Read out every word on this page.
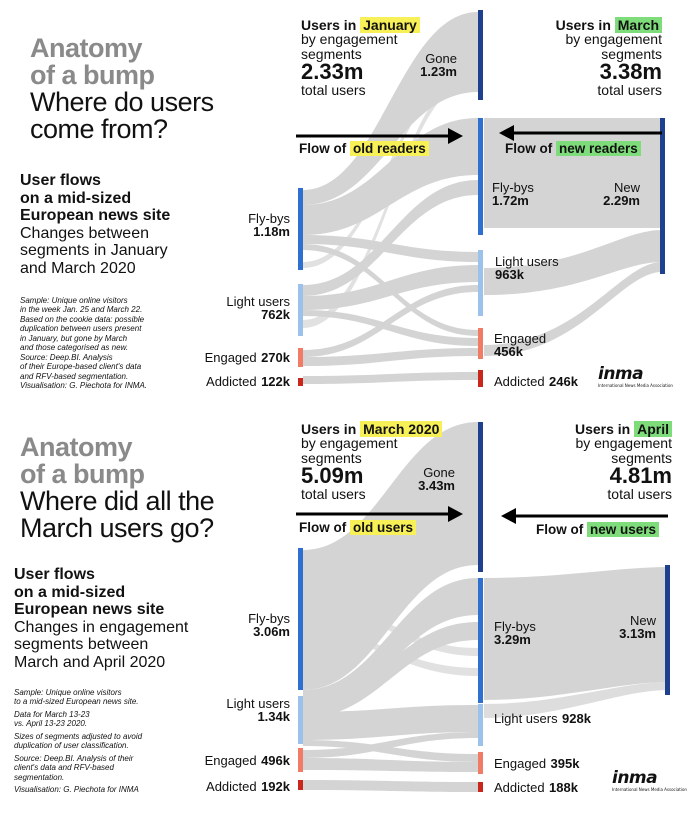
Anatomy
of a bump
Where do users
come from?
User flows
on a mid-sized
European news site
Changes between
segments in January
and March 2020
Sample: Unique online visitors
in the week Jan. 25 and March 22.
Based on the cookie data: possible
duplication between users present
in January, but gone by March
and those categorised as new.
Source: Deep.BI. Analysis
of their Europe-based client's data
and RFV-based segmentation.
Visualisation: G. Piechota for INMA.
Users in January
by engagement
segments
2.33m
total users
Users in March
by engagement
segments
3.38m
total users
Gone
1.23m
New
2.29m
Flow of old readers	Flow of new readers
Fly-bys
1.18m
Light users
762k
Engaged 270k
Addicted 122k
Fly-bys
1.72m
Light users
963k
Engaged
456k
Addicted 246k inma
International News Media Association
Anatomy
of a bump
Where did all the
March users go?
User flows
on a mid-sized
European news site
Changes in engagement
segments between
March and April 2020
Sample: Unique online visitors
to a mid-sized European news site.
Data for March 13-23
vs. April 13-23 2020.
Sizes of segments adjusted to avoid
duplication of user classification.
Source: Deep.BI. Analysis of their
client's data and RFV-based
segmentation.
Visualisation: G. Piechota for INMA
Users in March 2020
by engagement
segments
5.09m
total users
Users in April
by engagement
segments
4.81m
total users
Gone
3.43m
New
3.13m
Flow of old users	Flow of new users
Fly-bys
3.06m
Light users
1.34k
Engaged 496k
Addicted 192k
Fly-bys
3.29m
Light users 928k
Engaged 395k
Addicted 188k inma
International News Media Association
